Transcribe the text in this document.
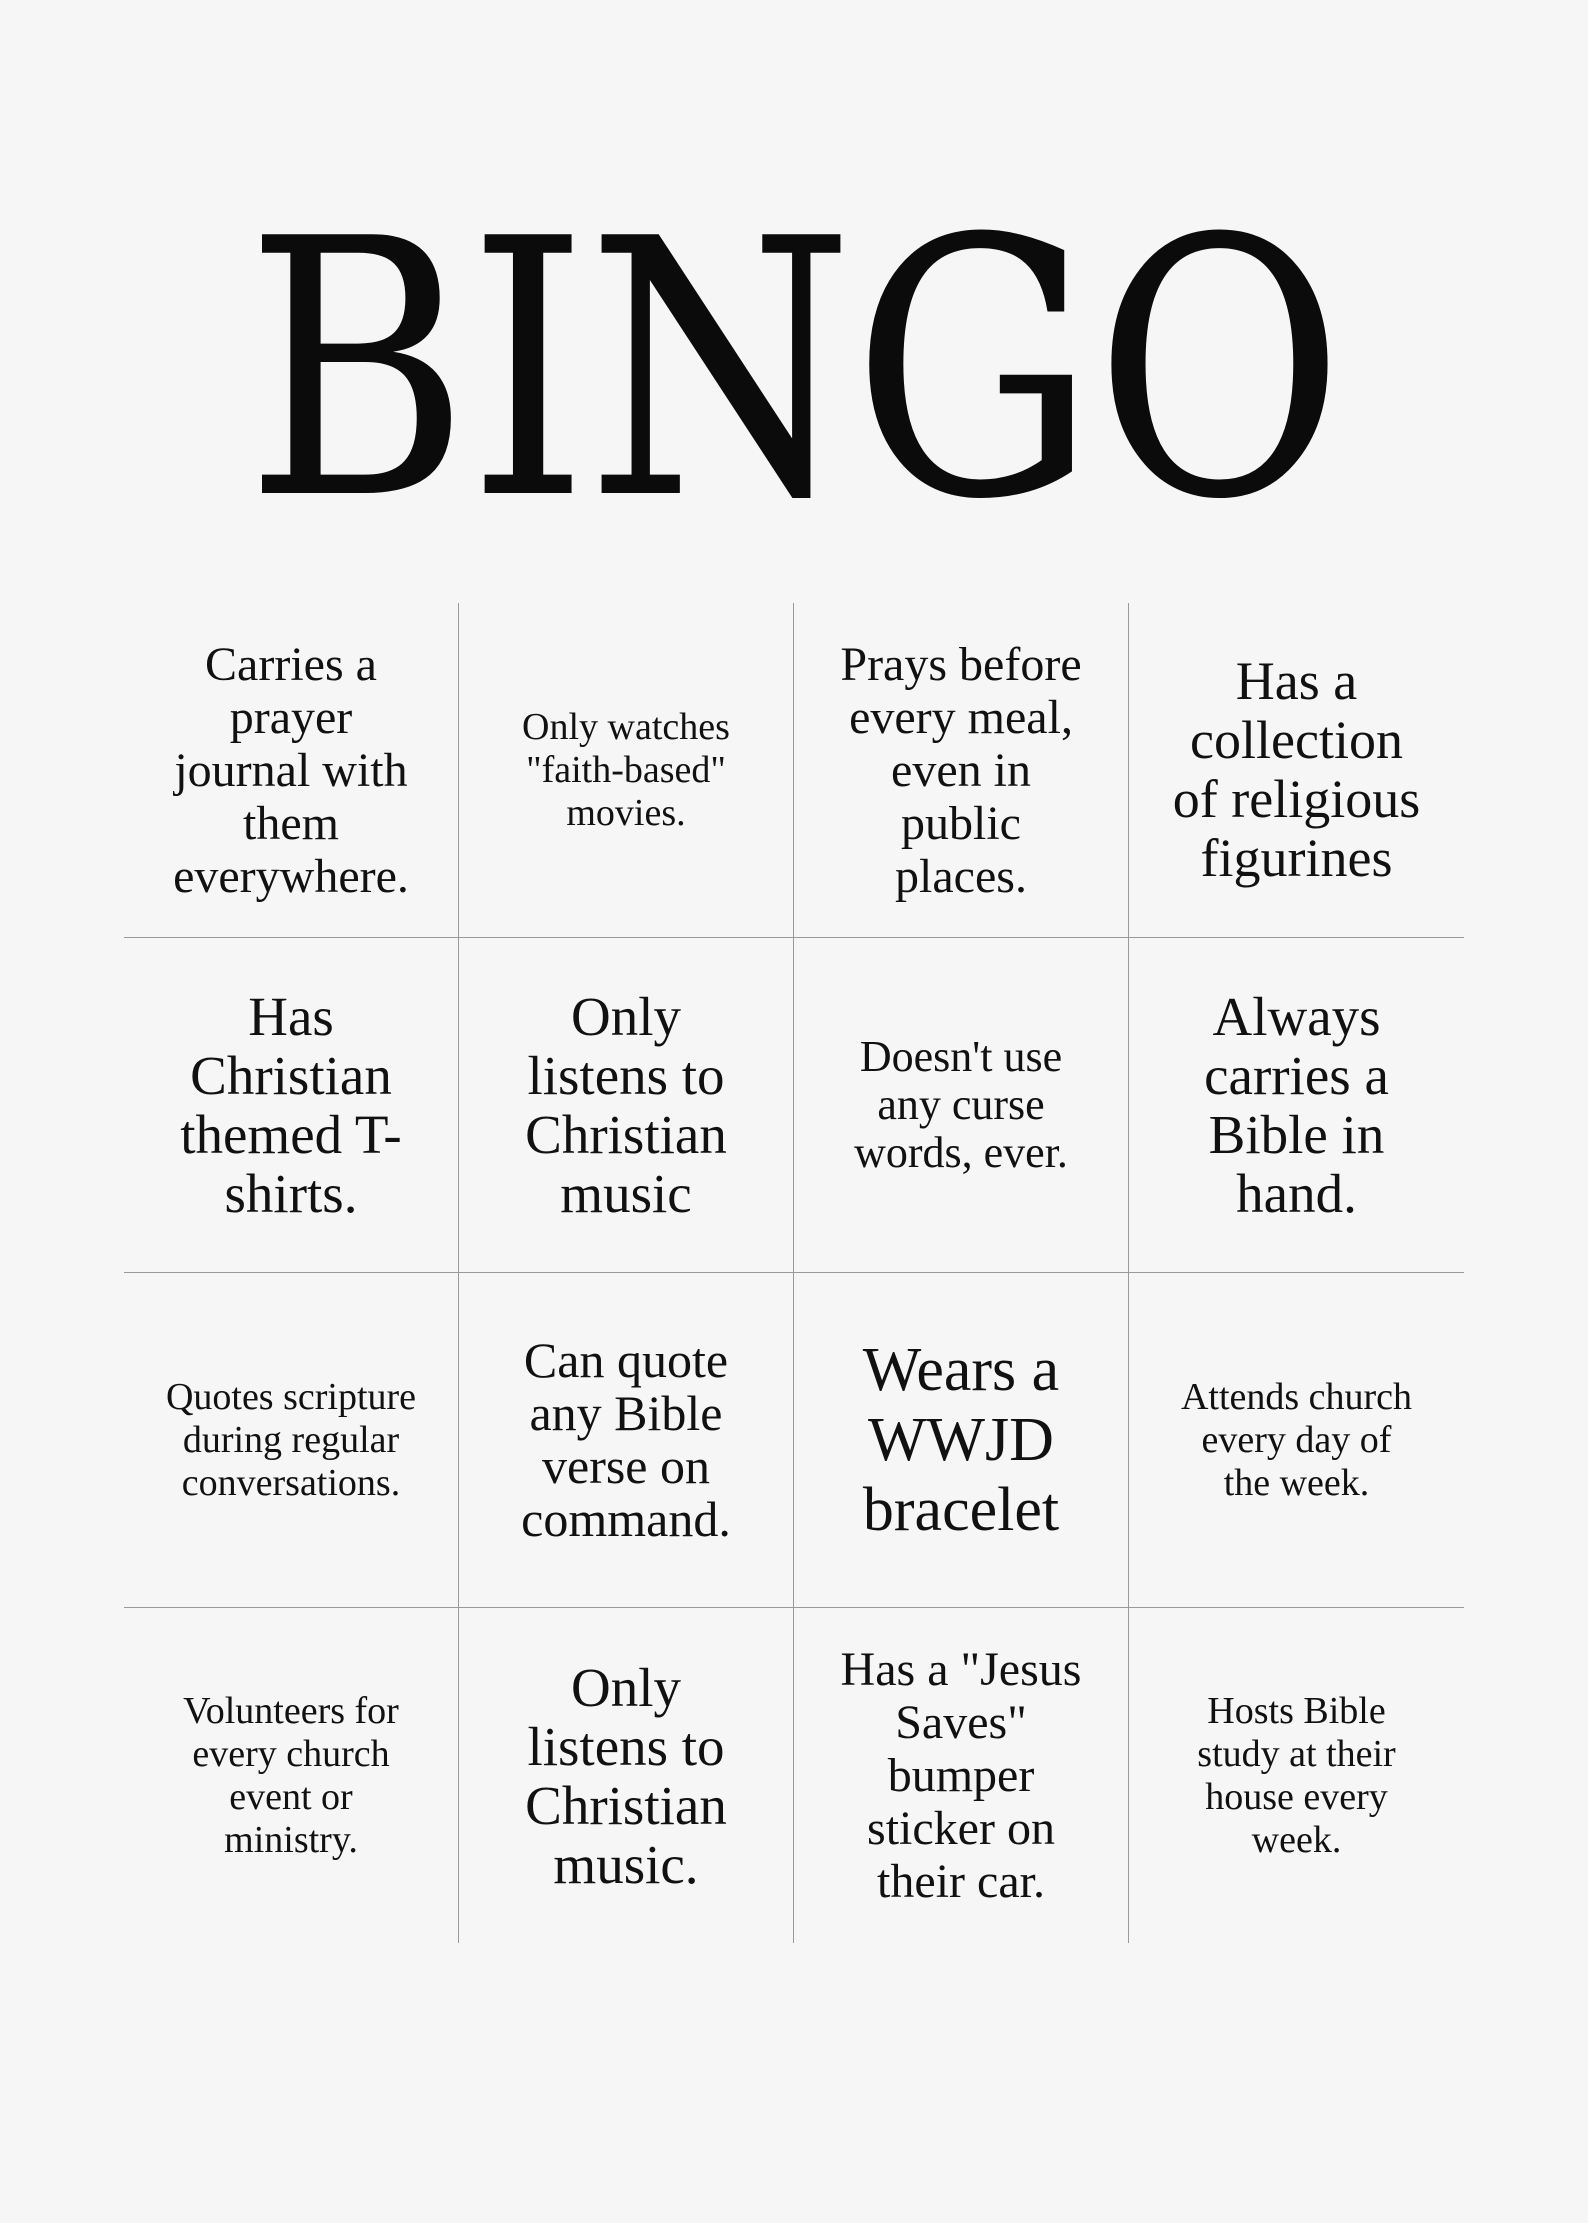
BINGO
Carries a prayer journal with them everywhere.
Only watches "faith-based" movies.
Prays before every meal, even in public places.
Has a collection of religious figurines
Has Christian themed T-shirts.
Only listens to Christian music
Doesn't use any curse words, ever.
Always carries a Bible in hand.
Quotes scripture during regular conversations.
Can quote any Bible verse on command.
Wears a WWJD bracelet
Attends church every day of the week.
Volunteers for every church event or ministry.
Only listens to Christian music.
Has a "Jesus Saves" bumper sticker on their car.
Hosts Bible study at their house every week.
